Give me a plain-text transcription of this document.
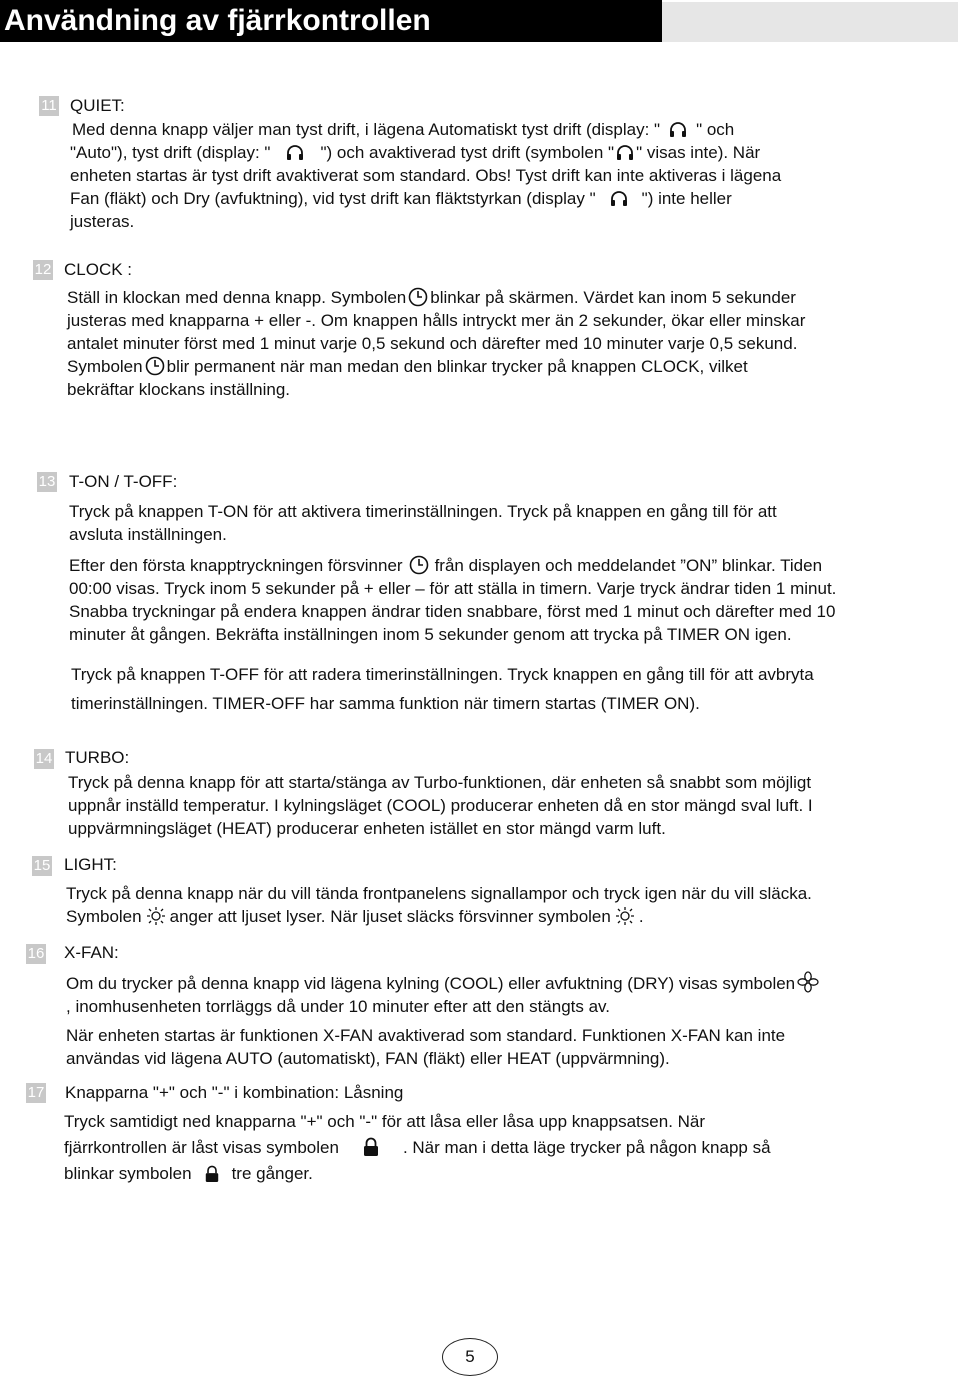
Användning av fjärrkontrollen
11 QUIET:

Med denna knapp väljer man tyst drift, i lägena Automatiskt tyst drift (display: " " och

"Auto"), tyst drift (display: "	") och avaktiverad tyst drift (symbolen " " visas inte). När

enheten startas är tyst drift avaktiverat som standard. Obs! Tyst drift kan inte aktiveras i lägena

Fan (fläkt) och Dry (avfuktning), vid tyst drift kan fläktstyrkan (display "	") inte heller

justeras.

12 CLOCK :

Ställ in klockan med denna knapp. Symbolen blinkar på skärmen. Värdet kan inom 5 sekunder

justeras med knapparna + eller -. Om knappen hålls intryckt mer än 2 sekunder, ökar eller minskar

antalet minuter först med 1 minut varje 0,5 sekund och därefter med 10 minuter varje 0,5 sekund.

Symbolen blir permanent när man medan den blinkar trycker på knappen CLOCK, vilket

bekräftar klockans inställning.

13 T-ON / T-OFF:

Tryck på knappen T-ON för att aktivera timerinställningen. Tryck på knappen en gång till för att

avsluta inställningen.

Efter den första knapptryckningen försvinner från displayen och meddelandet ”ON” blinkar. Tiden

00:00 visas. Tryck inom 5 sekunder på + eller – för att ställa in timern. Varje tryck ändrar tiden 1 minut.

Snabba tryckningar på endera knappen ändrar tiden snabbare, först med 1 minut och därefter med 10

minuter åt gången. Bekräfta inställningen inom 5 sekunder genom att trycka på TIMER ON igen.

Tryck på knappen T-OFF för att radera timerinställningen. Tryck knappen en gång till för att avbryta

timerinställningen. TIMER-OFF har samma funktion när timern startas (TIMER ON).

14 TURBO:

Tryck på denna knapp för att starta/stänga av Turbo-funktionen, där enheten så snabbt som möjligt

uppnår inställd temperatur. I kylningsläget (COOL) producerar enheten då en stor mängd sval luft. I

uppvärmningsläget (HEAT) producerar enheten istället en stor mängd varm luft.

15 LIGHT:

Tryck på denna knapp när du vill tända frontpanelens signallampor och tryck igen när du vill släcka.

Symbolen anger att ljuset lyser. När ljuset släcks försvinner symbolen .

16 X-FAN:

Om du trycker på denna knapp vid lägena kylning (COOL) eller avfuktning (DRY) visas symbolen

, inomhusenheten torrläggs då under 10 minuter efter att den stängts av.

När enheten startas är funktionen X-FAN avaktiverad som standard. Funktionen X-FAN kan inte

användas vid lägena AUTO (automatiskt), FAN (fläkt) eller HEAT (uppvärmning).

17 Knapparna "+" och "-" i kombination: Låsning

Tryck samtidigt ned knapparna "+" och "-" för att låsa eller låsa upp knappsatsen. När

fjärrkontrollen är låst visas symbolen	. När man i detta läge trycker på någon knapp så

blinkar symbolen tre gånger.

5
